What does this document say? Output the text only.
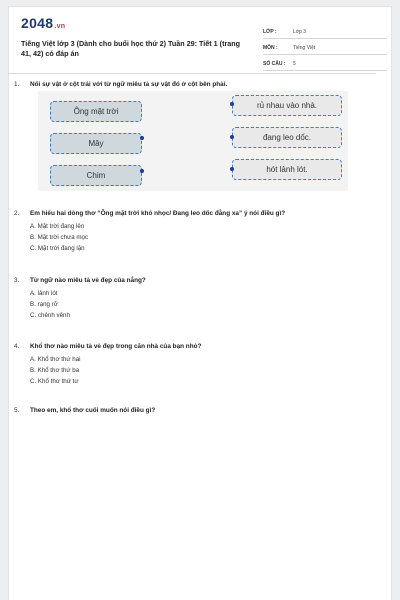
2048.vn
Tiếng Việt lớp 3 (Dành cho buổi học thứ 2) Tuần 29: Tiết 1 (trang 41, 42) có đáp án
LỚP :	Lớp 3
MÔN :	Tiếng Việt
SỐ CÂU :	5
1.	Nối sự vật ở cột trái với từ ngữ miêu tả sự vật đó ở cột bên phải.
Ông mặt trời
Mây
Chim
rủ nhau vào nhà.
đang leo dốc.
hót lảnh lót.
2.	Em hiểu hai dòng thơ “Ông mặt trời khó nhọc/ Đang leo dốc đằng xa” ý nói điều gì?
A. Mặt trời đang lên
B. Mặt trời chưa mọc
C. Mặt trời đang lặn
3.	Từ ngữ nào miêu tả vẻ đẹp của nắng?
A. lảnh lót
B. rạng rỡ
C. chênh vênh
4.	Khổ thơ nào miêu tả vẻ đẹp trong căn nhà của bạn nhỏ?
A. Khổ thơ thứ hai
B. Khổ thơ thứ ba
C. Khổ thơ thứ tư
5.	Theo em, khổ thơ cuối muốn nói điều gì?
